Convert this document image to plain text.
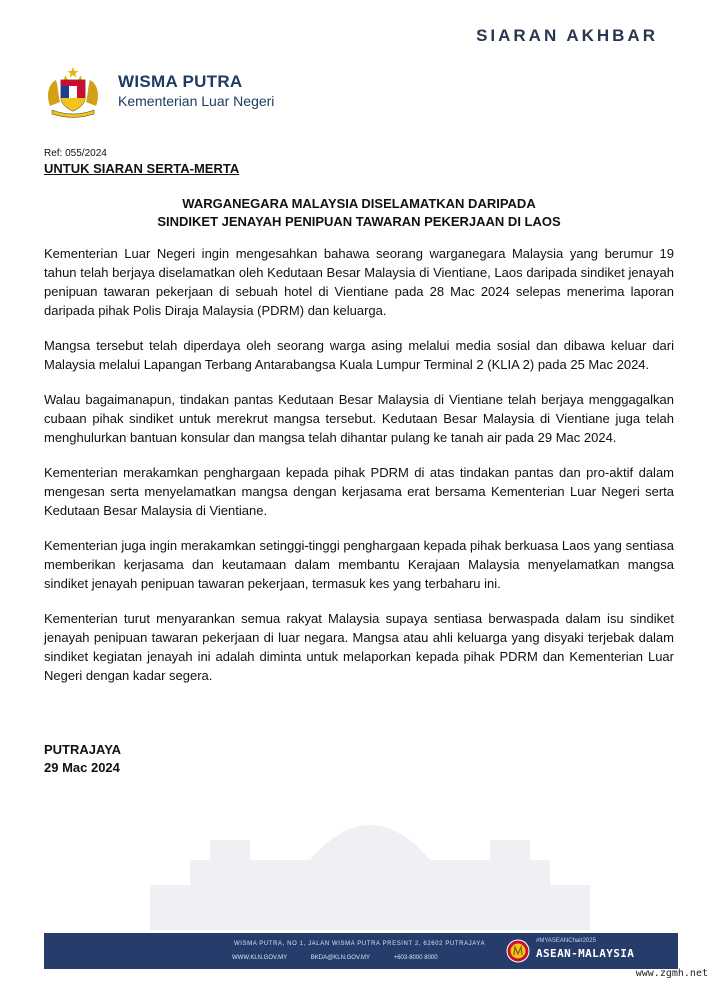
SIARAN AKHBAR
WISMA PUTRA
Kementerian Luar Negeri
Ref: 055/2024
UNTUK SIARAN SERTA-MERTA
WARGANEGARA MALAYSIA DISELAMATKAN DARIPADA
SINDIKET JENAYAH PENIPUAN TAWARAN PEKERJAAN DI LAOS

Kementerian Luar Negeri ingin mengesahkan bahawa seorang warganegara Malaysia yang berumur 19 tahun telah berjaya diselamatkan oleh Kedutaan Besar Malaysia di Vientiane, Laos daripada sindiket jenayah penipuan tawaran pekerjaan di sebuah hotel di Vientiane pada 28 Mac 2024 selepas menerima laporan daripada pihak Polis Diraja Malaysia (PDRM) dan keluarga.

Mangsa tersebut telah diperdaya oleh seorang warga asing melalui media sosial dan dibawa keluar dari Malaysia melalui Lapangan Terbang Antarabangsa Kuala Lumpur Terminal 2 (KLIA 2) pada 25 Mac 2024.

Walau bagaimanapun, tindakan pantas Kedutaan Besar Malaysia di Vientiane telah berjaya menggagalkan cubaan pihak sindiket untuk merekrut mangsa tersebut. Kedutaan Besar Malaysia di Vientiane juga telah menghulurkan bantuan konsular dan mangsa telah dihantar pulang ke tanah air pada 29 Mac 2024.

Kementerian merakamkan penghargaan kepada pihak PDRM di atas tindakan pantas dan pro-aktif dalam mengesan serta menyelamatkan mangsa dengan kerjasama erat bersama Kementerian Luar Negeri serta Kedutaan Besar Malaysia di Vientiane.

Kementerian juga ingin merakamkan setinggi-tinggi penghargaan kepada pihak berkuasa Laos yang sentiasa memberikan kerjasama dan keutamaan dalam membantu Kerajaan Malaysia menyelamatkan mangsa sindiket jenayah penipuan tawaran pekerjaan, termasuk kes yang terbaharu ini.

Kementerian turut menyarankan semua rakyat Malaysia supaya sentiasa berwaspada dalam isu sindiket jenayah penipuan tawaran pekerjaan di luar negara. Mangsa atau ahli keluarga yang disyaki terjebak dalam sindiket kegiatan jenayah ini adalah diminta untuk melaporkan kepada pihak PDRM dan Kementerian Luar Negeri dengan kadar segera.

PUTRAJAYA
29 Mac 2024
WISMA PUTRA, NO 1, JALAN WISMA PUTRA PRESINT 2, 62602 PUTRAJAYA
WWW.KLN.GOV.MY	BKDA@KLN.GOV.MY	+603-8000 8000
#MYASEANChair2025
ASEAN-MALAYSIA
www.zgmh.net
